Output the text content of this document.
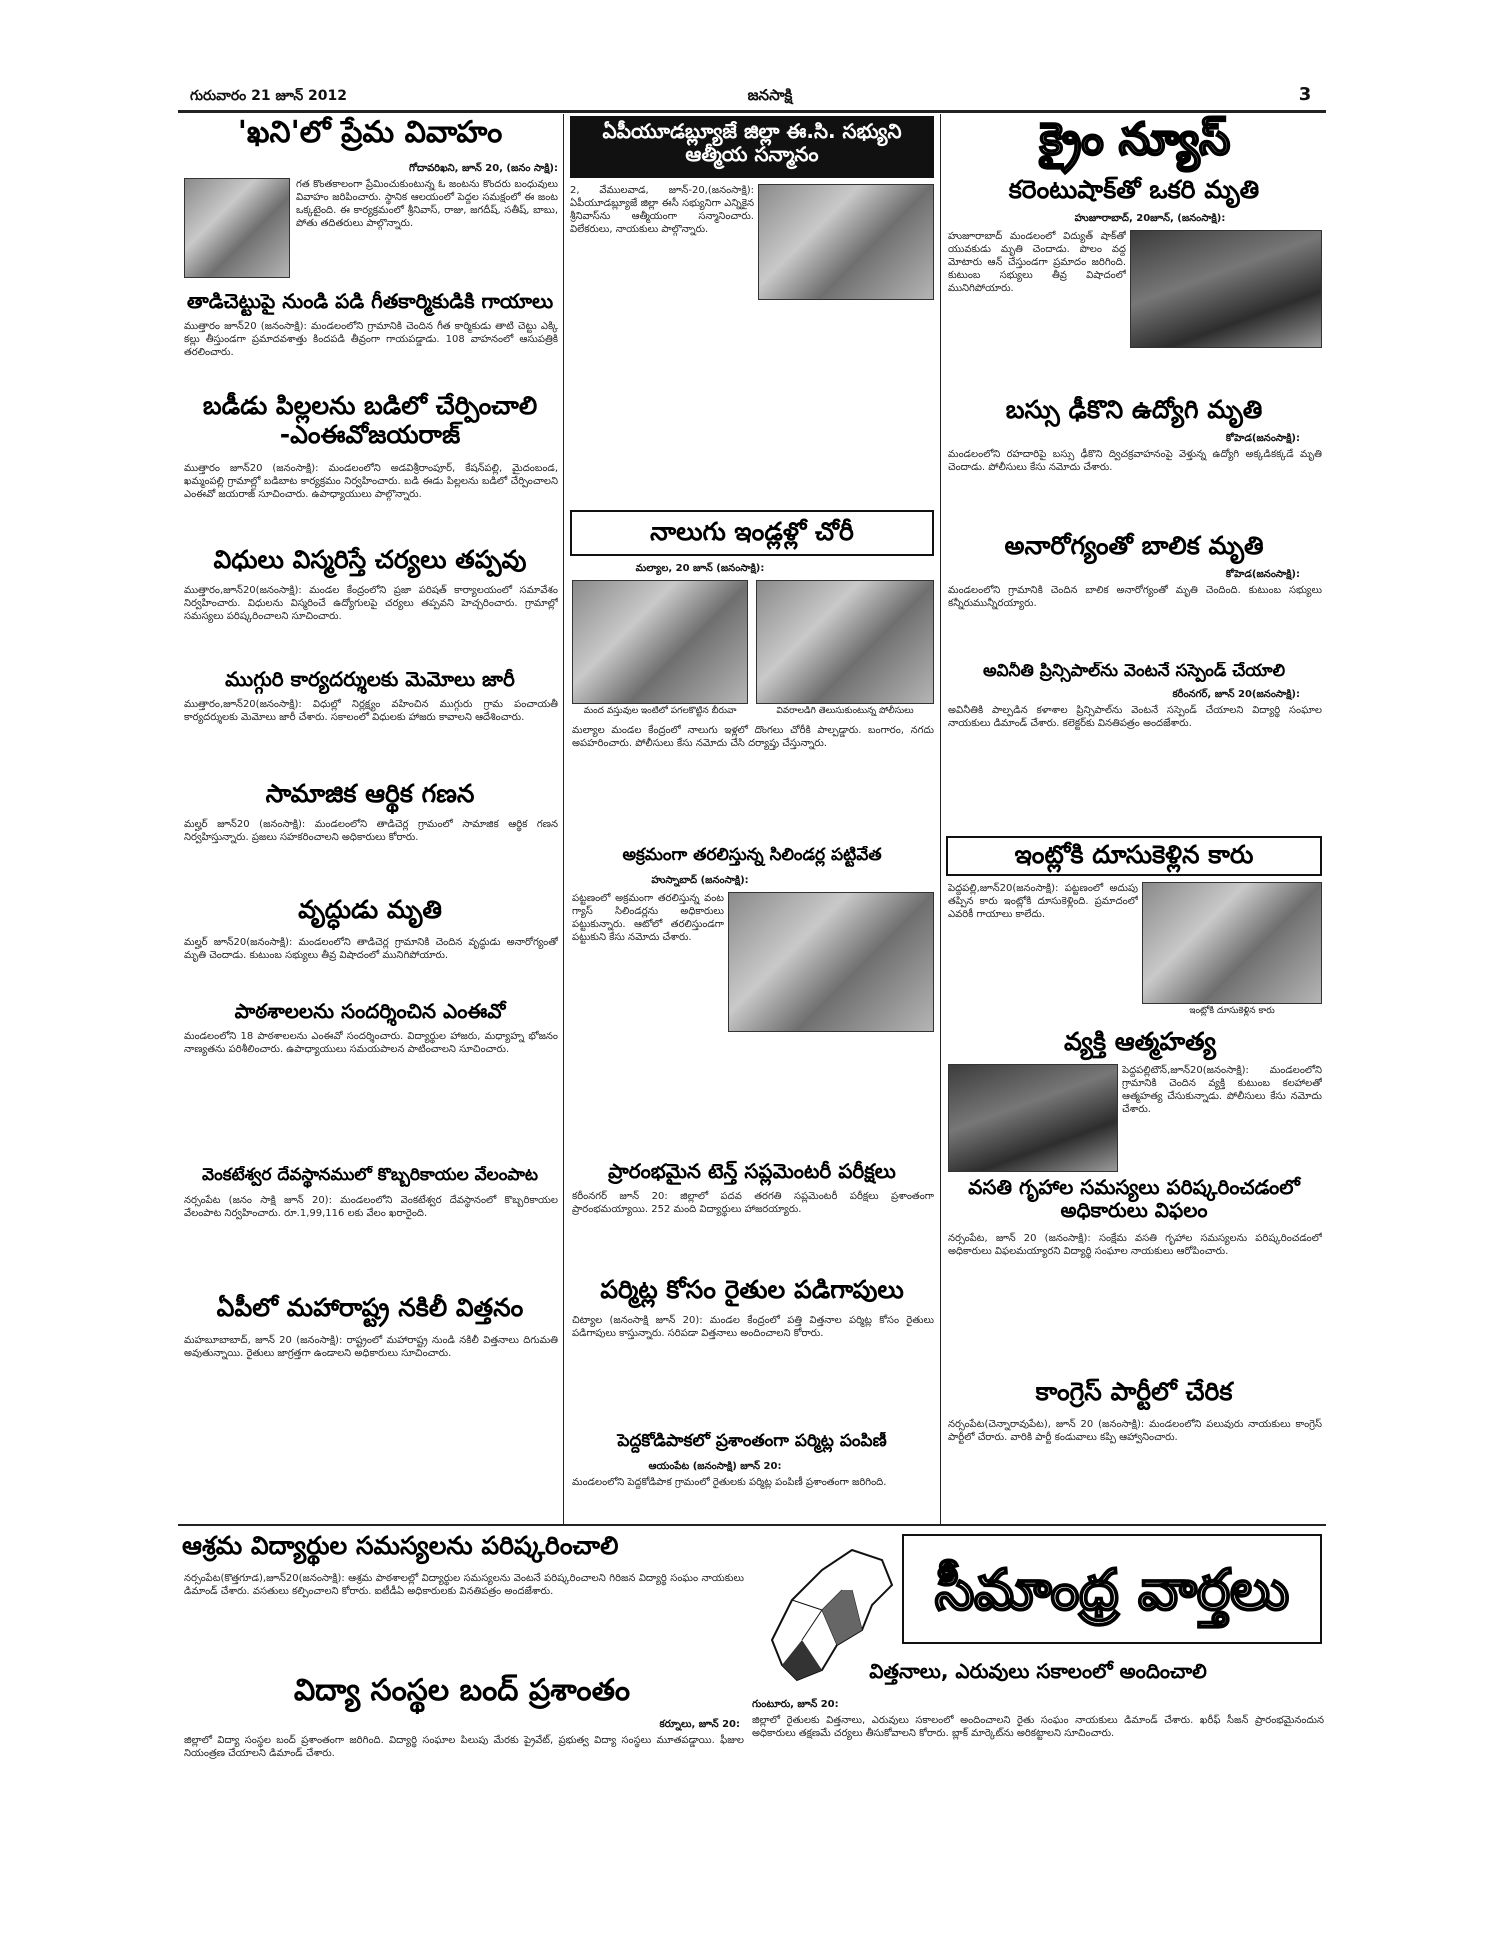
గురువారం 21 జూన్ 2012	జనసాక్షి	3
'ఖని'లో ప్రేమ వివాహం
గోదావరిఖని, జూన్ 20, (జనం సాక్షి):
గత కొంతకాలంగా ప్రేమించుకుంటున్న ఓ జంటను కొందరు బంధువులు వివాహం జరిపించారు. స్థానిక ఆలయంలో పెద్దల సమక్షంలో ఈ జంట ఒక్కటైంది. ఈ కార్యక్రమంలో శ్రీనివాస్, రాజు, జగదీష్, సతీష్, బాబు, పోతు తదితరులు పాల్గొన్నారు.
తాడిచెట్టుపై నుండి పడి గీతకార్మికుడికి గాయాలు
ముత్తారం జూన్20 (జనంసాక్షి): మండలంలోని గ్రామానికి చెందిన గీత కార్మికుడు తాటి చెట్టు ఎక్కి కల్లు తీస్తుండగా ప్రమాదవశాత్తు కిందపడి తీవ్రంగా గాయపడ్డాడు. 108 వాహనంలో ఆసుపత్రికి తరలించారు.
బడీడు పిల్లలను బడిలో చేర్పించాలి -ఎంఈవోజయరాజ్
ముత్తారం జూన్20 (జనంసాక్షి): మండలంలోని అడవిశ్రీరాంపూర్, కేషన్‌పల్లి, మైదంబండ, ఖమ్మంపల్లి గ్రామాల్లో బడిబాట కార్యక్రమం నిర్వహించారు. బడి ఈడు పిల్లలను బడిలో చేర్పించాలని ఎంఈవో జయరాజ్ సూచించారు. ఉపాధ్యాయులు పాల్గొన్నారు.
విధులు విస్మరిస్తే చర్యలు తప్పవు
ముత్తారం,జూన్20(జనంసాక్షి): మండల కేంద్రంలోని ప్రజా పరిషత్ కార్యాలయంలో సమావేశం నిర్వహించారు. విధులను విస్మరించే ఉద్యోగులపై చర్యలు తప్పవని హెచ్చరించారు. గ్రామాల్లో సమస్యలు పరిష్కరించాలని సూచించారు.
ముగ్గురి కార్యదర్శులకు మెమోలు జారీ
ముత్తారం,జూన్20(జనంసాక్షి): విధుల్లో నిర్లక్ష్యం వహించిన ముగ్గురు గ్రామ పంచాయతీ కార్యదర్శులకు మెమోలు జారీ చేశారు. సకాలంలో విధులకు హాజరు కావాలని ఆదేశించారు.
సామాజిక ఆర్థిక గణన
మల్హర్ జూన్20 (జనంసాక్షి): మండలంలోని తాడిచెర్ల గ్రామంలో సామాజిక ఆర్థిక గణన నిర్వహిస్తున్నారు. ప్రజలు సహకరించాలని అధికారులు కోరారు.
వృద్ధుడు మృతి
మల్హర్ జూన్20(జనంసాక్షి): మండలంలోని తాడిచెర్ల గ్రామానికి చెందిన వృద్ధుడు అనారోగ్యంతో మృతి చెందాడు. కుటుంబ సభ్యులు తీవ్ర విషాదంలో మునిగిపోయారు.
పాఠశాలలను సందర్శించిన ఎంఈవో
మండలంలోని 18 పాఠశాలలను ఎంఈవో సందర్శించారు. విద్యార్థుల హాజరు, మధ్యాహ్న భోజనం నాణ్యతను పరిశీలించారు. ఉపాధ్యాయులు సమయపాలన పాటించాలని సూచించారు.
వెంకటేశ్వర దేవస్థానములో కొబ్బరికాయల వేలంపాట
నర్సంపేట (జనం సాక్షి జూన్ 20): మండలంలోని వెంకటేశ్వర దేవస్థానంలో కొబ్బరికాయల వేలంపాట నిర్వహించారు. రూ.1,99,116 లకు వేలం ఖరారైంది.
ఏపీలో మహారాష్ట్ర నకిలీ విత్తనం
మహబూబాబాద్, జూన్ 20 (జనంసాక్షి): రాష్ట్రంలో మహారాష్ట్ర నుండి నకిలీ విత్తనాలు దిగుమతి అవుతున్నాయి. రైతులు జాగ్రత్తగా ఉండాలని అధికారులు సూచించారు.
ఏపీయూడబ్ల్యూజే జిల్లా ఈ.సి. సభ్యుని ఆత్మీయ సన్మానం
2, వేములవాడ, జూన్-20,(జనంసాక్షి): ఏపీయూడబ్ల్యూజే జిల్లా ఈసీ సభ్యునిగా ఎన్నికైన శ్రీనివాస్‌ను ఆత్మీయంగా సన్మానించారు. విలేకరులు, నాయకులు పాల్గొన్నారు.
నాలుగు ఇండ్లళ్లో చోరీ
మల్యాల, 20 జూన్ (జనంసాక్షి):
మంద వస్తువుల ఇంటిలో పగలకొట్టిన బీరువా	వివరాలడిగి తెలుసుకుంటున్న పోలీసులు
మల్యాల మండల కేంద్రంలో నాలుగు ఇళ్లలో దొంగలు చోరీకి పాల్పడ్డారు. బంగారం, నగదు అపహరించారు. పోలీసులు కేసు నమోదు చేసి దర్యాప్తు చేస్తున్నారు.
అక్రమంగా తరలిస్తున్న సిలిండర్ల పట్టివేత
హుస్నాబాద్ (జనంసాక్షి):
పట్టణంలో అక్రమంగా తరలిస్తున్న వంట గ్యాస్ సిలిండర్లను అధికారులు పట్టుకున్నారు. ఆటోలో తరలిస్తుండగా పట్టుకుని కేసు నమోదు చేశారు.
ప్రారంభమైన టెన్త్ సప్లమెంటరీ పరీక్షలు
కరీంనగర్ జూన్ 20: జిల్లాలో పదవ తరగతి సప్లమెంటరీ పరీక్షలు ప్రశాంతంగా ప్రారంభమయ్యాయి. 252 మంది విద్యార్థులు హాజరయ్యారు.
పర్మిట్ల కోసం రైతుల పడిగాపులు
చిట్యాల (జనంసాక్షి జూన్ 20): మండల కేంద్రంలో పత్తి విత్తనాల పర్మిట్ల కోసం రైతులు పడిగాపులు కాస్తున్నారు. సరిపడా విత్తనాలు అందించాలని కోరారు.
పెద్దకోడిపాకలో ప్రశాంతంగా పర్మిట్ల పంపిణీ
ఆయంపేట (జనంసాక్షి) జూన్ 20:
మండలంలోని పెద్దకోడిపాక గ్రామంలో రైతులకు పర్మిట్ల పంపిణీ ప్రశాంతంగా జరిగింది.
క్రైం న్యూస్
కరెంటుషాక్‌తో ఒకరి మృతి
హుజూరాబాద్, 20జూన్, (జనంసాక్షి):
హుజూరాబాద్ మండలంలో విద్యుత్ షాక్‌తో యువకుడు మృతి చెందాడు. పొలం వద్ద మోటారు ఆన్ చేస్తుండగా ప్రమాదం జరిగింది. కుటుంబ సభ్యులు తీవ్ర విషాదంలో మునిగిపోయారు.
బస్సు ఢీకొని ఉద్యోగి మృతి
కోహెడ(జనంసాక్షి):
మండలంలోని రహదారిపై బస్సు ఢీకొని ద్విచక్రవాహనంపై వెళ్తున్న ఉద్యోగి అక్కడికక్కడే మృతి చెందాడు. పోలీసులు కేసు నమోదు చేశారు.
అనారోగ్యంతో బాలిక మృతి
కోహెడ(జనంసాక్షి):
మండలంలోని గ్రామానికి చెందిన బాలిక అనారోగ్యంతో మృతి చెందింది. కుటుంబ సభ్యులు కన్నీరుమున్నీరయ్యారు.
అవినీతి ప్రిన్సిపాల్‌ను వెంటనే సస్పెండ్ చేయాలి
కరీంనగర్, జూన్ 20(జనంసాక్షి):
అవినీతికి పాల్పడిన కళాశాల ప్రిన్సిపాల్‌ను వెంటనే సస్పెండ్ చేయాలని విద్యార్థి సంఘాల నాయకులు డిమాండ్ చేశారు. కలెక్టర్‌కు వినతిపత్రం అందజేశారు.
ఇంట్లోకి దూసుకెళ్లిన కారు
పెద్దపల్లి,జూన్20(జనంసాక్షి): పట్టణంలో అదుపు తప్పిన కారు ఇంట్లోకి దూసుకెళ్లింది. ప్రమాదంలో ఎవరికీ గాయాలు కాలేదు.
ఇంట్లోకి దూసుకెళ్లిన కారు
వ్యక్తి ఆత్మహత్య
పెద్దపల్లిటౌన్,జూన్20(జనంసాక్షి): మండలంలోని గ్రామానికి చెందిన వ్యక్తి కుటుంబ కలహాలతో ఆత్మహత్య చేసుకున్నాడు. పోలీసులు కేసు నమోదు చేశారు.
వసతి గృహాల సమస్యలు పరిష్కరించడంలో అధికారులు విఫలం
నర్సంపేట, జూన్ 20 (జనంసాక్షి): సంక్షేమ వసతి గృహాల సమస్యలను పరిష్కరించడంలో అధికారులు విఫలమయ్యారని విద్యార్థి సంఘాల నాయకులు ఆరోపించారు.
కాంగ్రెస్ పార్టీలో చేరిక
నర్సంపేట(చెన్నారావుపేట), జూన్ 20 (జనంసాక్షి): మండలంలోని పలువురు నాయకులు కాంగ్రెస్ పార్టీలో చేరారు. వారికి పార్టీ కండువాలు కప్పి ఆహ్వానించారు.
ఆశ్రమ విద్యార్థుల సమస్యలను పరిష్కరించాలి
నర్సంపేట(కొత్తగూడ),జూన్20(జనంసాక్షి): ఆశ్రమ పాఠశాలల్లో విద్యార్థుల సమస్యలను వెంటనే పరిష్కరించాలని గిరిజన విద్యార్థి సంఘం నాయకులు డిమాండ్ చేశారు. వసతులు కల్పించాలని కోరారు. ఐటీడీఏ అధికారులకు వినతిపత్రం అందజేశారు.
విద్యా సంస్థల బంద్ ప్రశాంతం
కర్నూలు, జూన్ 20:
జిల్లాలో విద్యా సంస్థల బంద్ ప్రశాంతంగా జరిగింది. విద్యార్థి సంఘాల పిలుపు మేరకు ప్రైవేట్, ప్రభుత్వ విద్యా సంస్థలు మూతపడ్డాయి. ఫీజుల నియంత్రణ చేయాలని డిమాండ్ చేశారు.
సీమాంధ్ర వార్తలు
విత్తనాలు, ఎరువులు సకాలంలో అందించాలి
గుంటూరు, జూన్ 20:
జిల్లాలో రైతులకు విత్తనాలు, ఎరువులు సకాలంలో అందించాలని రైతు సంఘం నాయకులు డిమాండ్ చేశారు. ఖరీఫ్ సీజన్ ప్రారంభమైనందున అధికారులు తక్షణమే చర్యలు తీసుకోవాలని కోరారు. బ్లాక్ మార్కెట్‌ను అరికట్టాలని సూచించారు.
